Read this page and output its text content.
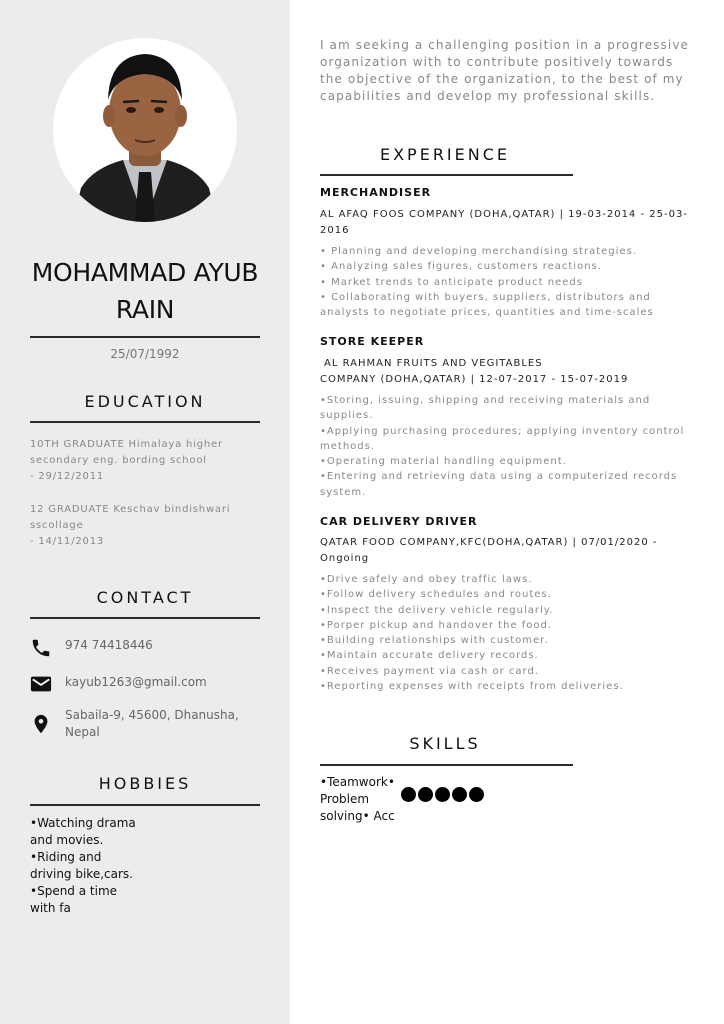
MOHAMMAD AYUB RAIN
25/07/1992
EDUCATION
10TH GRADUATE Himalaya higher secondary eng. bording school
- 29/12/2011
12 GRADUATE Keschav bindishwari sscollage
- 14/11/2013
CONTACT
974 74418446
kayub1263@gmail.com
Sabaila-9, 45600, Dhanusha, Nepal
HOBBIES
•Watching drama and movies. •Riding and driving bike,cars. •Spend a time with fa
I am seeking a challenging position in a progressive organization with to contribute positively towards the objective of the organization, to the best of my capabilities and develop my professional skills.
EXPERIENCE
MERCHANDISER
AL AFAQ FOOS COMPANY (DOHA,QATAR) | 19-03-2014 - 25-03-2016
• Planning and developing merchandising strategies.
• Analyzing sales figures, customers reactions.
• Market trends to anticipate product needs
• Collaborating with buyers, suppliers, distributors and analysts to negotiate prices, quantities and time-scales
STORE KEEPER
AL RAHMAN FRUITS AND VEGITABLES
COMPANY (DOHA,QATAR) | 12-07-2017 - 15-07-2019
•Storing, issuing, shipping and receiving materials and supplies.
•Applying purchasing procedures; applying inventory control methods.
•Operating material handling equipment.
•Entering and retrieving data using a computerized records system.
CAR DELIVERY DRIVER
QATAR FOOD COMPANY,KFC(DOHA,QATAR) | 07/01/2020 - Ongoing
•Drive safely and obey traffic laws.
•Follow delivery schedules and routes.
•Inspect the delivery vehicle regularly.
•Porper pickup and handover the food.
•Building relationships with customer.
•Maintain accurate delivery records.
•Receives payment via cash or card.
•Reporting expenses with receipts from deliveries.
SKILLS
•Teamwork• Problem solving• Acc
